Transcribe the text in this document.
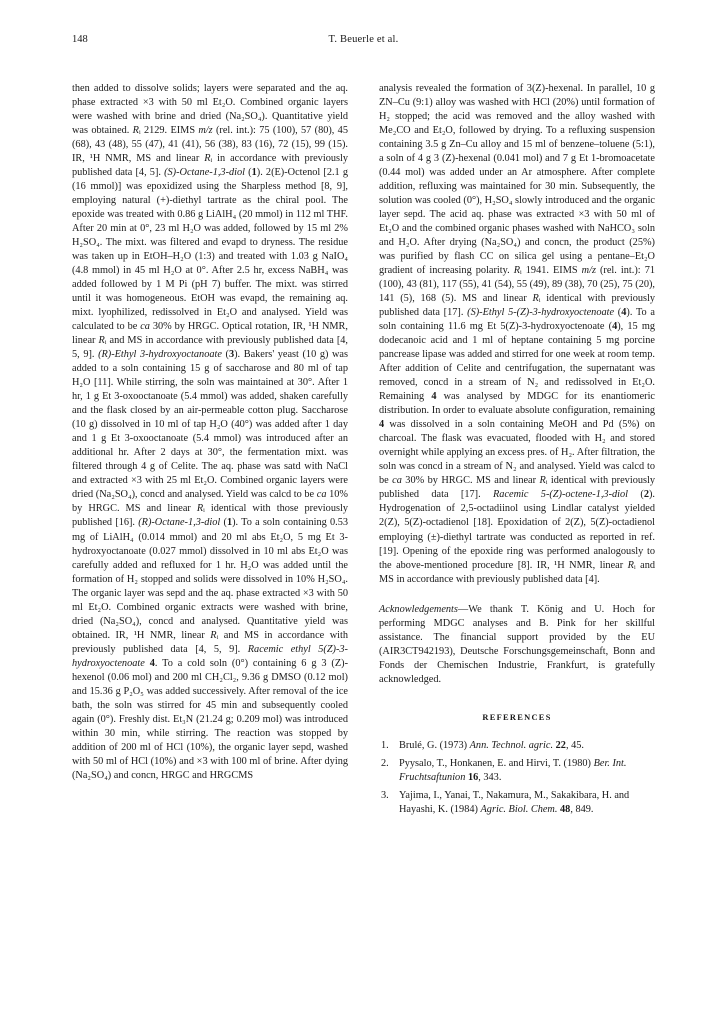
148	T. Beuerle et al.

then added to dissolve solids; layers were separated and the aq. phase extracted ×3 with 50 ml Et₂O. Combined organic layers were washed with brine and dried (Na₂SO₄). Quantitative yield was obtained. Rᵢ 2129. EIMS m/z (rel. int.): 75 (100), 57 (80), 45 (68), 43 (48), 55 (47), 41 (41), 56 (38), 83 (16), 72 (15), 99 (15). IR, ¹H NMR, MS and linear Rᵢ in accordance with previously published data [4, 5]. (S)-Octane-1,3-diol (1). 2(E)-Octenol [2.1 g (16 mmol)] was epoxidized using the Sharpless method [8, 9], employing natural (+)-diethyl tartrate as the chiral pool. The epoxide was treated with 0.86 g LiAlH₄ (20 mmol) in 112 ml THF. After 20 min at 0°, 23 ml H₂O was added, followed by 15 ml 2% H₂SO₄. The mixt. was filtered and evapd to dryness. The residue was taken up in EtOH–H₂O (1:3) and treated with 1.03 g NaIO₄ (4.8 mmol) in 45 ml H₂O at 0°. After 2.5 hr, excess NaBH₄ was added followed by 1 M Pi (pH 7) buffer. The mixt. was stirred until it was homogeneous. EtOH was evapd, the remaining aq. mixt. lyophilized, redissolved in Et₂O and analysed. Yield was calculated to be ca 30% by HRGC. Optical rotation, IR, ¹H NMR, linear Rᵢ and MS in accordance with previously published data [4, 5, 9]. (R)-Ethyl 3-hydroxyoctanoate (3). Bakers' yeast (10 g) was added to a soln containing 15 g of saccharose and 80 ml of tap H₂O [11]. While stirring, the soln was maintained at 30°. After 1 hr, 1 g Et 3-oxooctanoate (5.4 mmol) was added, shaken carefully and the flask closed by an air-permeable cotton plug. Saccharose (10 g) dissolved in 10 ml of tap H₂O (40°) was added after 1 day and 1 g Et 3-oxooctanoate (5.4 mmol) was introduced after an additional hr. After 2 days at 30°, the fermentation mixt. was filtered through 4 g of Celite. The aq. phase was satd with NaCl and extracted ×3 with 25 ml Et₂O. Combined organic layers were dried (Na₂SO₄), concd and analysed. Yield was calcd to be ca 10% by HRGC. MS and linear Rᵢ identical with those previously published [16]. (R)-Octane-1,3-diol (1). To a soln containing 0.53 mg of LiAlH₄ (0.014 mmol) and 20 ml abs Et₂O, 5 mg Et 3-hydroxyoctanoate (0.027 mmol) dissolved in 10 ml abs Et₂O was carefully added and refluxed for 1 hr. H₂O was added until the formation of H₂ stopped and solids were dissolved in 10% H₂SO₄. The organic layer was sepd and the aq. phase extracted ×3 with 50 ml Et₂O. Combined organic extracts were washed with brine, dried (Na₂SO₄), concd and analysed. Quantitative yield was obtained. IR, ¹H NMR, linear Rᵢ and MS in accordance with previously published data [4, 5, 9]. Racemic ethyl 5(Z)-3-hydroxyoctenoate 4. To a cold soln (0°) containing 6 g 3 (Z)-hexenol (0.06 mol) and 200 ml CH₂Cl₂, 9.36 g DMSO (0.12 mol) and 15.36 g P₂O₅ was added successively. After removal of the ice bath, the soln was stirred for 45 min and subsequently cooled again (0°). Freshly dist. Et₃N (21.24 g; 0.209 mol) was introduced within 30 min, while stirring. The reaction was stopped by addition of 200 ml of HCl (10%), the organic layer sepd, washed with 50 ml of HCl (10%) and ×3 with 100 ml of brine. After dying (Na₂SO₄) and concn, HRGC and HRGCMS

analysis revealed the formation of 3(Z)-hexenal. In parallel, 10 g ZN–Cu (9:1) alloy was washed with HCl (20%) until formation of H₂ stopped; the acid was removed and the alloy washed with Me₂CO and Et₂O, followed by drying. To a refluxing suspension containing 3.5 g Zn–Cu alloy and 15 ml of benzene–toluene (5:1), a soln of 4 g 3 (Z)-hexenal (0.041 mol) and 7 g Et 1-bromoacetate (0.44 mol) was added under an Ar atmosphere. After complete addition, refluxing was maintained for 30 min. Subsequently, the solution was cooled (0°), H₂SO₄ slowly introduced and the organic layer sepd. The acid aq. phase was extracted ×3 with 50 ml of Et₂O and the combined organic phases washed with NaHCO₃ soln and H₂O. After drying (Na₂SO₄) and concn, the product (25%) was purified by flash CC on silica gel using a pentane–Et₂O gradient of increasing polarity. Rᵢ 1941. EIMS m/z (rel. int.): 71 (100), 43 (81), 117 (55), 41 (54), 55 (49), 89 (38), 70 (25), 75 (20), 141 (5), 168 (5). MS and linear Rᵢ identical with previously published data [17]. (S)-Ethyl 5-(Z)-3-hydroxyoctenoate (4). To a soln containing 11.6 mg Et 5(Z)-3-hydroxyoctenoate (4), 15 mg dodecanoic acid and 1 ml of heptane containing 5 mg porcine pancrease lipase was added and stirred for one week at room temp. After addition of Celite and centrifugation, the supernatant was removed, concd in a stream of N₂ and redissolved in Et₂O. Remaining 4 was analysed by MDGC for its enantiomeric distribution. In order to evaluate absolute configuration, remaining 4 was dissolved in a soln containing MeOH and Pd (5%) on charcoal. The flask was evacuated, flooded with H₂ and stored overnight while applying an excess pres. of H₂. After filtration, the soln was concd in a stream of N₂ and analysed. Yield was calcd to be ca 30% by HRGC. MS and linear Rᵢ identical with previously published data [17]. Racemic 5-(Z)-octene-1,3-diol (2). Hydrogenation of 2,5-octadiinol using Lindlar catalyst yielded 2(Z), 5(Z)-octadienol [18]. Epoxidation of 2(Z), 5(Z)-octadienol employing (±)-diethyl tartrate was conducted as reported in ref. [19]. Opening of the epoxide ring was performed analogously to the above-mentioned procedure [8]. IR, ¹H NMR, linear Rᵢ and MS in accordance with previously published data [4].

Acknowledgements—We thank T. König and U. Hoch for performing MDGC analyses and B. Pink for her skillful assistance. The financial support provided by the EU (AIR3CT942193), Deutsche Forschungsgemeinschaft, Bonn and Fonds der Chemischen Industrie, Frankfurt, is gratefully acknowledged.

REFERENCES
1. Brulé, G. (1973) Ann. Technol. agric. 22, 45.
2. Pyysalo, T., Honkanen, E. and Hirvi, T. (1980) Ber. Int. Fruchtsaftunion 16, 343.
3. Yajima, I., Yanai, T., Nakamura, M., Sakakibara, H. and Hayashi, K. (1984) Agric. Biol. Chem. 48, 849.
